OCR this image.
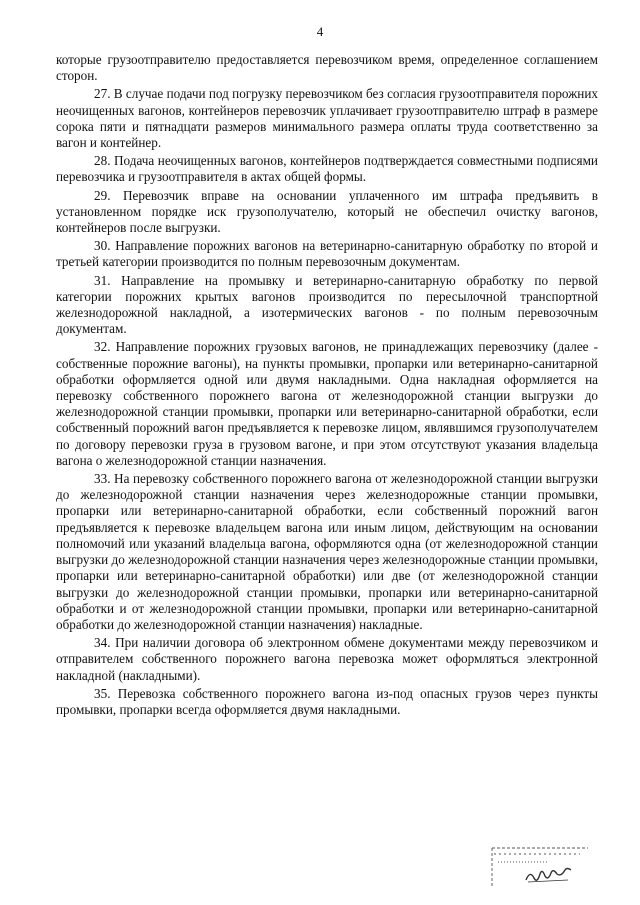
4

которые грузоотправителю предоставляется перевозчиком время, определенное соглашением сторон.

27. В случае подачи под погрузку перевозчиком без согласия грузоотправителя порожних неочищенных вагонов, контейнеров перевозчик уплачивает грузоотправителю штраф в размере сорока пяти и пятнадцати размеров минимального размера оплаты труда соответственно за вагон и контейнер.

28. Подача неочищенных вагонов, контейнеров подтверждается совместными подписями перевозчика и грузоотправителя в актах общей формы.

29. Перевозчик вправе на основании уплаченного им штрафа предъявить в установленном порядке иск грузополучателю, который не обеспечил очистку вагонов, контейнеров после выгрузки.

30. Направление порожних вагонов на ветеринарно-санитарную обработку по второй и третьей категории производится по полным перевозочным документам.

31. Направление на промывку и ветеринарно-санитарную обработку по первой категории порожних крытых вагонов производится по пересылочной транспортной железнодорожной накладной, а изотермических вагонов - по полным перевозочным документам.

32. Направление порожних грузовых вагонов, не принадлежащих перевозчику (далее - собственные порожние вагоны), на пункты промывки, пропарки или ветеринарно-санитарной обработки оформляется одной или двумя накладными. Одна накладная оформляется на перевозку собственного порожнего вагона от железнодорожной станции выгрузки до железнодорожной станции промывки, пропарки или ветеринарно-санитарной обработки, если собственный порожний вагон предъявляется к перевозке лицом, являвшимся грузополучателем по договору перевозки груза в грузовом вагоне, и при этом отсутствуют указания владельца вагона о железнодорожной станции назначения.

33. На перевозку собственного порожнего вагона от железнодорожной станции выгрузки до железнодорожной станции назначения через железнодорожные станции промывки, пропарки или ветеринарно-санитарной обработки, если собственный порожний вагон предъявляется к перевозке владельцем вагона или иным лицом, действующим на основании полномочий или указаний владельца вагона, оформляются одна (от железнодорожной станции выгрузки до железнодорожной станции назначения через железнодорожные станции промывки, пропарки или ветеринарно-санитарной обработки) или две (от железнодорожной станции выгрузки до железнодорожной станции промывки, пропарки или ветеринарно-санитарной обработки и от железнодорожной станции промывки, пропарки или ветеринарно-санитарной обработки до железнодорожной станции назначения) накладные.

34. При наличии договора об электронном обмене документами между перевозчиком и отправителем собственного порожнего вагона перевозка может оформляться электронной накладной (накладными).

35. Перевозка собственного порожнего вагона из-под опасных грузов через пункты промывки, пропарки всегда оформляется двумя накладными.
